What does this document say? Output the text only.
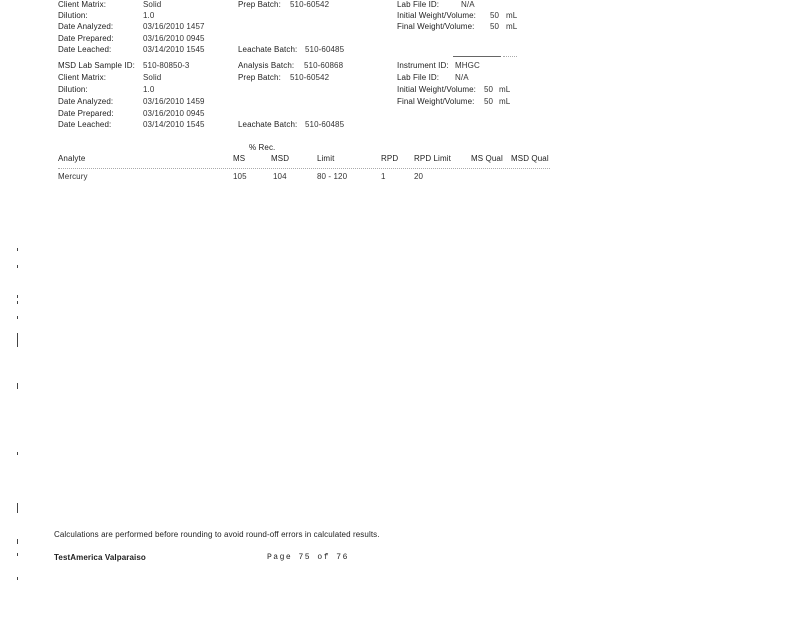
Client Matrix:	Solid	Prep Batch: 510-60542	Lab File ID:	N/A
Dilution:	1.0	Initial Weight/Volume: 50 mL
Date Analyzed:	03/16/2010 1457	Final Weight/Volume: 50 mL
Date Prepared:	03/16/2010 0945
Date Leached:	03/14/2010 1545	Leachate Batch: 510-60485
MSD Lab Sample ID: 510-80850-3	Analysis Batch: 510-60868	Instrument ID: MHGC
Client Matrix:	Solid	Prep Batch: 510-60542	Lab File ID: N/A
Dilution:	1.0	Initial Weight/Volume: 50 mL
Date Analyzed:	03/16/2010 1459	Final Weight/Volume: 50 mL
Date Prepared:	03/16/2010 0945
Date Leached:	03/14/2010 1545	Leachate Batch: 510-60485
% Rec.
Analyte	MS	MSD	Limit	RPD RPD Limit	MS Qual MSD Qual
Mercury	105	104	80 - 120	1	20
Calculations are performed before rounding to avoid round-off errors in calculated results.
TestAmerica Valparaiso	Page 75 of 76
